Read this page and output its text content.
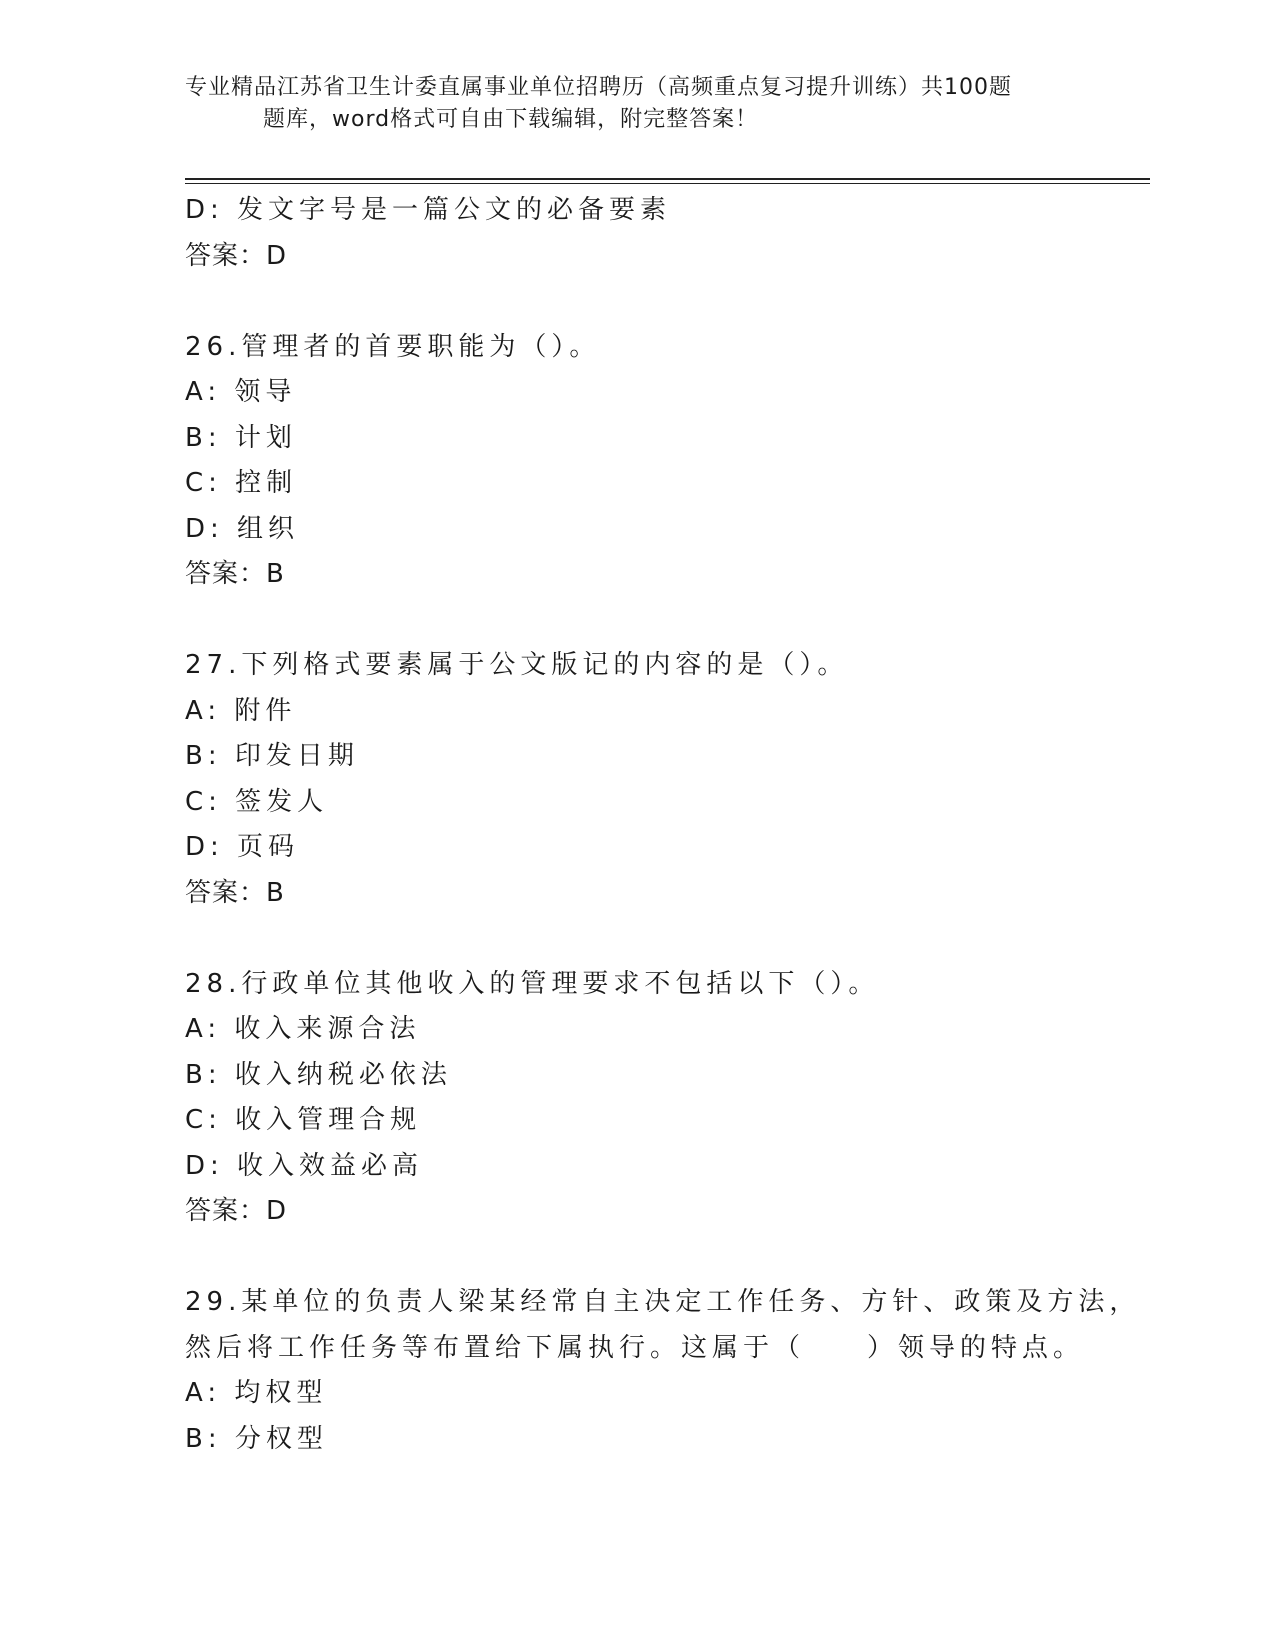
专业精品江苏省卫生计委直属事业单位招聘历（高频重点复习提升训练）共100题
题库，word格式可自由下载编辑，附完整答案！
D: 发文字号是一篇公文的必备要素
答案：D
26.管理者的首要职能为（）。
A: 领导
B: 计划
C: 控制
D: 组织
答案：B
27.下列格式要素属于公文版记的内容的是（）。
A: 附件
B: 印发日期
C: 签发人
D: 页码
答案：B
28.行政单位其他收入的管理要求不包括以下（）。
A: 收入来源合法
B: 收入纳税必依法
C: 收入管理合规
D: 收入效益必高
答案：D
29.某单位的负责人梁某经常自主决定工作任务、方针、政策及方法，
然后将工作任务等布置给下属执行。这属于（　　）领导的特点。
A: 均权型
B: 分权型
